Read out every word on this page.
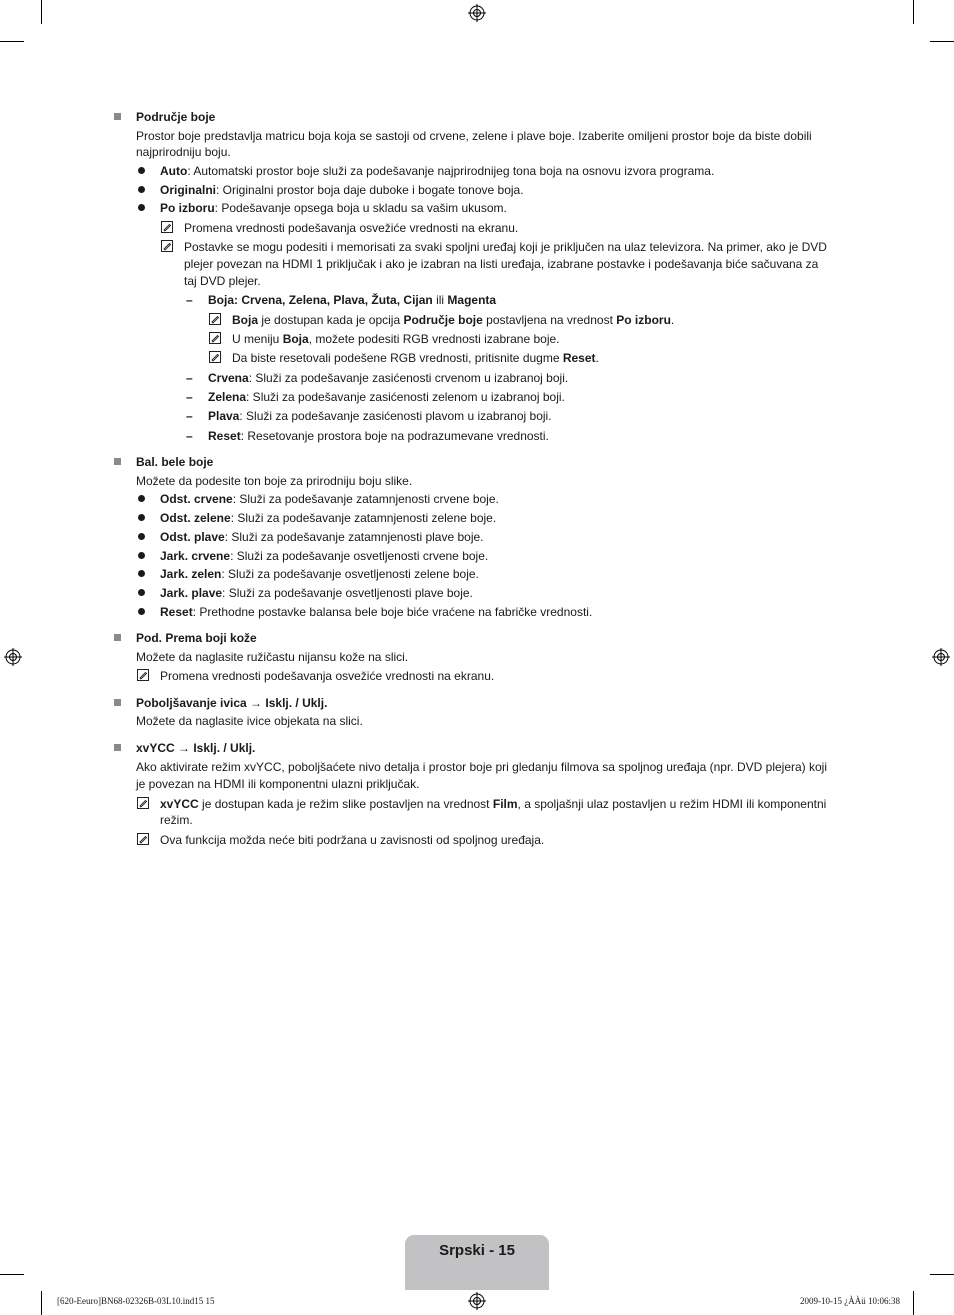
Područje boje
Prostor boje predstavlja matricu boja koja se sastoji od crvene, zelene i plave boje. Izaberite omiljeni prostor boje da biste dobili
najprirodniju boju.
Auto: Automatski prostor boje služi za podešavanje najprirodnijeg tona boja na osnovu izvora programa.
Originalni: Originalni prostor boja daje duboke i bogate tonove boja.
Po izboru: Podešavanje opsega boja u skladu sa vašim ukusom.
Promena vrednosti podešavanja osvežiće vrednosti na ekranu.
Postavke se mogu podesiti i memorisati za svaki spoljni uređaj koji je priključen na ulaz televizora. Na primer, ako je DVD
plejer povezan na HDMI 1 priključak i ako je izabran na listi uređaja, izabrane postavke i podešavanja biće sačuvana za
taj DVD plejer.
– Boja: Crvena, Zelena, Plava, Žuta, Cijan ili Magenta
Boja je dostupan kada je opcija Područje boje postavljena na vrednost Po izboru.
U meniju Boja, možete podesiti RGB vrednosti izabrane boje.
Da biste resetovali podešene RGB vrednosti, pritisnite dugme Reset.
– Crvena: Služi za podešavanje zasićenosti crvenom u izabranoj boji.
– Zelena: Služi za podešavanje zasićenosti zelenom u izabranoj boji.
– Plava: Služi za podešavanje zasićenosti plavom u izabranoj boji.
– Reset: Resetovanje prostora boje na podrazumevane vrednosti.
Bal. bele boje
Možete da podesite ton boje za prirodniju boju slike.
Odst. crvene: Služi za podešavanje zatamnjenosti crvene boje.
Odst. zelene: Služi za podešavanje zatamnjenosti zelene boje.
Odst. plave: Služi za podešavanje zatamnjenosti plave boje.
Jark. crvene: Služi za podešavanje osvetljenosti crvene boje.
Jark. zelen: Služi za podešavanje osvetljenosti zelene boje.
Jark. plave: Služi za podešavanje osvetljenosti plave boje.
Reset: Prethodne postavke balansa bele boje biće vraćene na fabričke vrednosti.
Pod. Prema boji kože
Možete da naglasite ružičastu nijansu kože na slici.
Promena vrednosti podešavanja osvežiće vrednosti na ekranu.
Poboljšavanje ivica → Isklj. / Uklj.
Možete da naglasite ivice objekata na slici.
xvYCC → Isklj. / Uklj.
Ako aktivirate režim xvYCC, poboljšaćete nivo detalja i prostor boje pri gledanju filmova sa spoljnog uređaja (npr. DVD plejera) koji
je povezan na HDMI ili komponentni ulazni priključak.
xvYCC je dostupan kada je režim slike postavljen na vrednost Film, a spoljašnji ulaz postavljen u režim HDMI ili komponentni
režim.
Ova funkcija možda neće biti podržana u zavisnosti od spoljnog uređaja.
Srpski - 15
[620-Eeuro]BN68-02326B-03L10.ind15 15	2009-10-15 ¿ÀÀü 10:06:38
